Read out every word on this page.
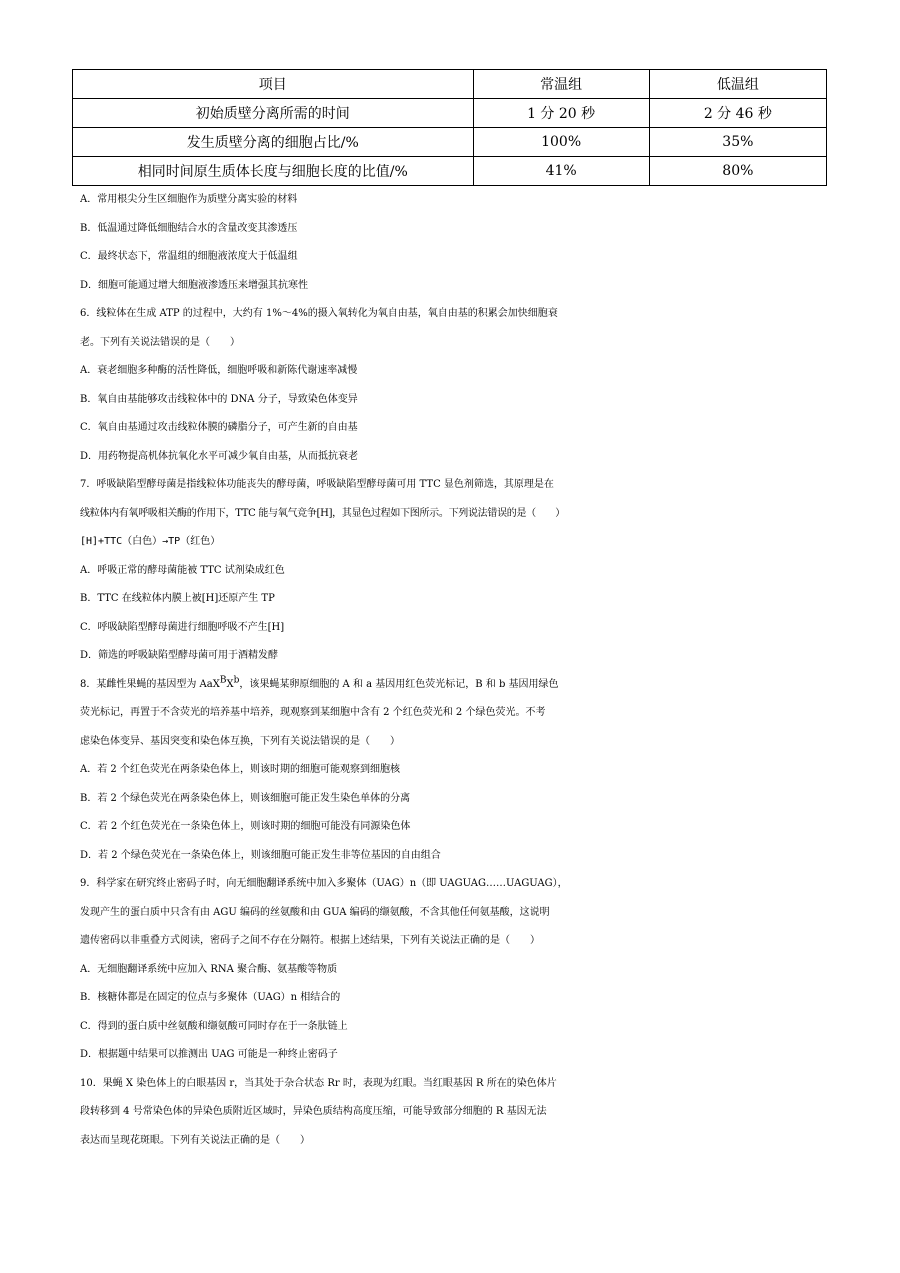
项目	常温组	低温组
初始质壁分离所需的时间	1 分 20 秒	2 分 46 秒
发生质壁分离的细胞占比/%	100%	35%
相同时间原生质体长度与细胞长度的比值/%	41%	80%
A．常用根尖分生区细胞作为质壁分离实验的材料
B．低温通过降低细胞结合水的含量改变其渗透压
C．最终状态下，常温组的细胞液浓度大于低温组
D．细胞可能通过增大细胞液渗透压来增强其抗寒性
6．线粒体在生成 ATP 的过程中，大约有 1%～4%的摄入氧转化为氧自由基，氧自由基的积累会加快细胞衰
老。下列有关说法错误的是（　　）
A．衰老细胞多种酶的活性降低，细胞呼吸和新陈代谢速率减慢
B．氧自由基能够攻击线粒体中的 DNA 分子，导致染色体变异
C．氧自由基通过攻击线粒体膜的磷脂分子，可产生新的自由基
D．用药物提高机体抗氧化水平可减少氧自由基，从而抵抗衰老
7．呼吸缺陷型酵母菌是指线粒体功能丧失的酵母菌，呼吸缺陷型酵母菌可用 TTC 显色剂筛选，其原理是在
线粒体内有氧呼吸相关酶的作用下，TTC 能与氧气竞争[H]，其显色过程如下图所示。下列说法错误的是（　　）
[H]+TTC（白色）→TP（红色）
A．呼吸正常的酵母菌能被 TTC 试剂染成红色
B．TTC 在线粒体内膜上被[H]还原产生 TP
C．呼吸缺陷型酵母菌进行细胞呼吸不产生[H]
D．筛选的呼吸缺陷型酵母菌可用于酒精发酵
8．某雌性果蝇的基因型为 $AaX^BX^b$，该果蝇某卵原细胞的 A 和 a 基因用红色荧光标记，B 和 b 基因用绿色
荧光标记，再置于不含荧光的培养基中培养，现观察到某细胞中含有 2 个红色荧光和 2 个绿色荧光。不考
虑染色体变异、基因突变和染色体互换，下列有关说法错误的是（　　）
A．若 2 个红色荧光在两条染色体上，则该时期的细胞可能观察到细胞核
B．若 2 个绿色荧光在两条染色体上，则该细胞可能正发生染色单体的分离
C．若 2 个红色荧光在一条染色体上，则该时期的细胞可能没有同源染色体
D．若 2 个绿色荧光在一条染色体上，则该细胞可能正发生非等位基因的自由组合
9．科学家在研究终止密码子时，向无细胞翻译系统中加入多聚体（UAG）n（即 UAGUAG……UAGUAG），
发现产生的蛋白质中只含有由 AGU 编码的丝氨酸和由 GUA 编码的缬氨酸，不含其他任何氨基酸，这说明
遗传密码以非重叠方式阅读，密码子之间不存在分隔符。根据上述结果，下列有关说法正确的是（　　）
A．无细胞翻译系统中应加入 RNA 聚合酶、氨基酸等物质
B．核糖体都是在固定的位点与多聚体（UAG）n 相结合的
C．得到的蛋白质中丝氨酸和缬氨酸可同时存在于一条肽链上
D．根据题中结果可以推测出 UAG 可能是一种终止密码子
10．果蝇 X 染色体上的白眼基因 r，当其处于杂合状态 Rr 时，表现为红眼。当红眼基因 R 所在的染色体片
段转移到 4 号常染色体的异染色质附近区域时，异染色质结构高度压缩，可能导致部分细胞的 R 基因无法
表达而呈现花斑眼。下列有关说法正确的是（　　）
